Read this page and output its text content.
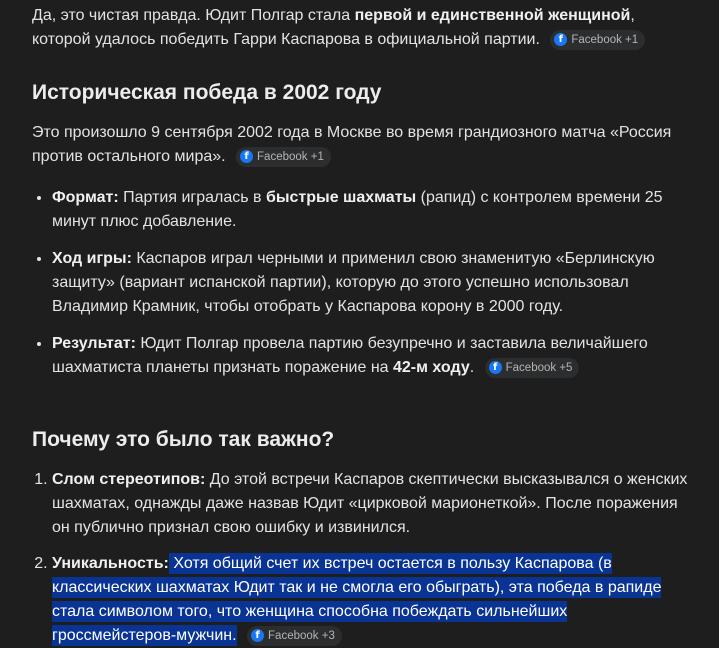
Да, это чистая правда. Юдит Полгар стала первой и единственной женщиной, которой удалось победить Гарри Каспарова в официальной партии.	f Facebook +1

Историческая победа в 2002 году

Это произошло 9 сентября 2002 года в Москве во время грандиозного матча «Россия против остального мира».	f Facebook +1

• Формат: Партия игралась в быстрые шахматы (рапид) с контролем времени 25 минут плюс добавление.
• Ход игры: Каспаров играл черными и применил свою знаменитую «Берлинскую защиту» (вариант испанской партии), которую до этого успешно использовал Владимир Крамник, чтобы отобрать у Каспарова корону в 2000 году.
• Результат: Юдит Полгар провела партию безупречно и заставила величайшего шахматиста планеты признать поражение на 42-м ходу.	f Facebook +5
Почему это было так важно?
1. Слом стереотипов: До этой встречи Каспаров скептически высказывался о женских шахматах, однажды даже назвав Юдит «цирковой марионеткой». После поражения он публично признал свою ошибку и извинился.
2. Уникальность: Хотя общий счет их встреч остается в пользу Каспарова (в классических шахматах Юдит так и не смогла его обыграть), эта победа в рапиде стала символом того, что женщина способна побеждать сильнейших гроссмейстеров-мужчин.	f Facebook +3
